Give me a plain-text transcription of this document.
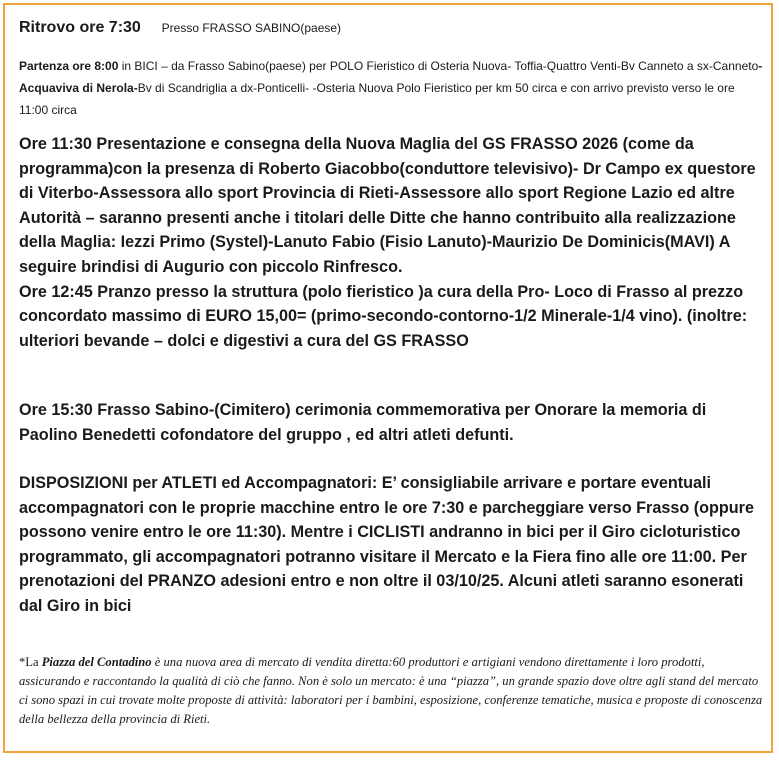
Ritrovo ore 7:30 Presso FRASSO SABINO(paese)
Partenza ore 8:00 in BICI – da Frasso Sabino(paese) per POLO Fieristico di Osteria Nuova- Toffia-Quattro Venti-Bv Canneto a sx-Canneto- Acquaviva di Nerola-Bv di Scandriglia a dx-Ponticelli- -Osteria Nuova Polo Fieristico per km 50 circa e con arrivo previsto verso le ore 11:00 circa
Ore 11:30 Presentazione e consegna della Nuova Maglia del GS FRASSO 2026 (come da programma)con la presenza di Roberto Giacobbo(conduttore televisivo)- Dr Campo ex questore di Viterbo-Assessora allo sport Provincia di Rieti-Assessore allo sport Regione Lazio ed altre Autorità – saranno presenti anche i titolari delle Ditte che hanno contribuito alla realizzazione della Maglia: Iezzi Primo (Systel)-Lanuto Fabio (Fisio Lanuto)-Maurizio De Dominicis(MAVI) A seguire brindisi di Augurio con piccolo Rinfresco.
Ore 12:45 Pranzo presso la struttura (polo fieristico )a cura della Pro- Loco di Frasso al prezzo concordato massimo di EURO 15,00= (primo-secondo-contorno-1/2 Minerale-1/4 vino). (inoltre: ulteriori bevande – dolci e digestivi a cura del GS FRASSO
Ore 15:30 Frasso Sabino-(Cimitero) cerimonia commemorativa per Onorare la memoria di Paolino Benedetti cofondatore del gruppo , ed altri atleti defunti.
DISPOSIZIONI per ATLETI ed Accompagnatori: E’ consigliabile arrivare e portare eventuali accompagnatori con le proprie macchine entro le ore 7:30 e parcheggiare verso Frasso (oppure possono venire entro le ore 11:30). Mentre i CICLISTI andranno in bici per il Giro cicloturistico programmato, gli accompagnatori potranno visitare il Mercato e la Fiera fino alle ore 11:00. Per prenotazioni del PRANZO adesioni entro e non oltre il 03/10/25. Alcuni atleti saranno esonerati dal Giro in bici
*La Piazza del Contadino è una nuova area di mercato di vendita diretta:60 produttori e artigiani vendono direttamente i loro prodotti, assicurando e raccontando la qualità di ciò che fanno. Non è solo un mercato: è una “piazza”, un grande spazio dove oltre agli stand del mercato ci sono spazi in cui trovate molte proposte di attività: laboratori per i bambini, esposizione, conferenze tematiche, musica e proposte di conoscenza della bellezza della provincia di Rieti.
